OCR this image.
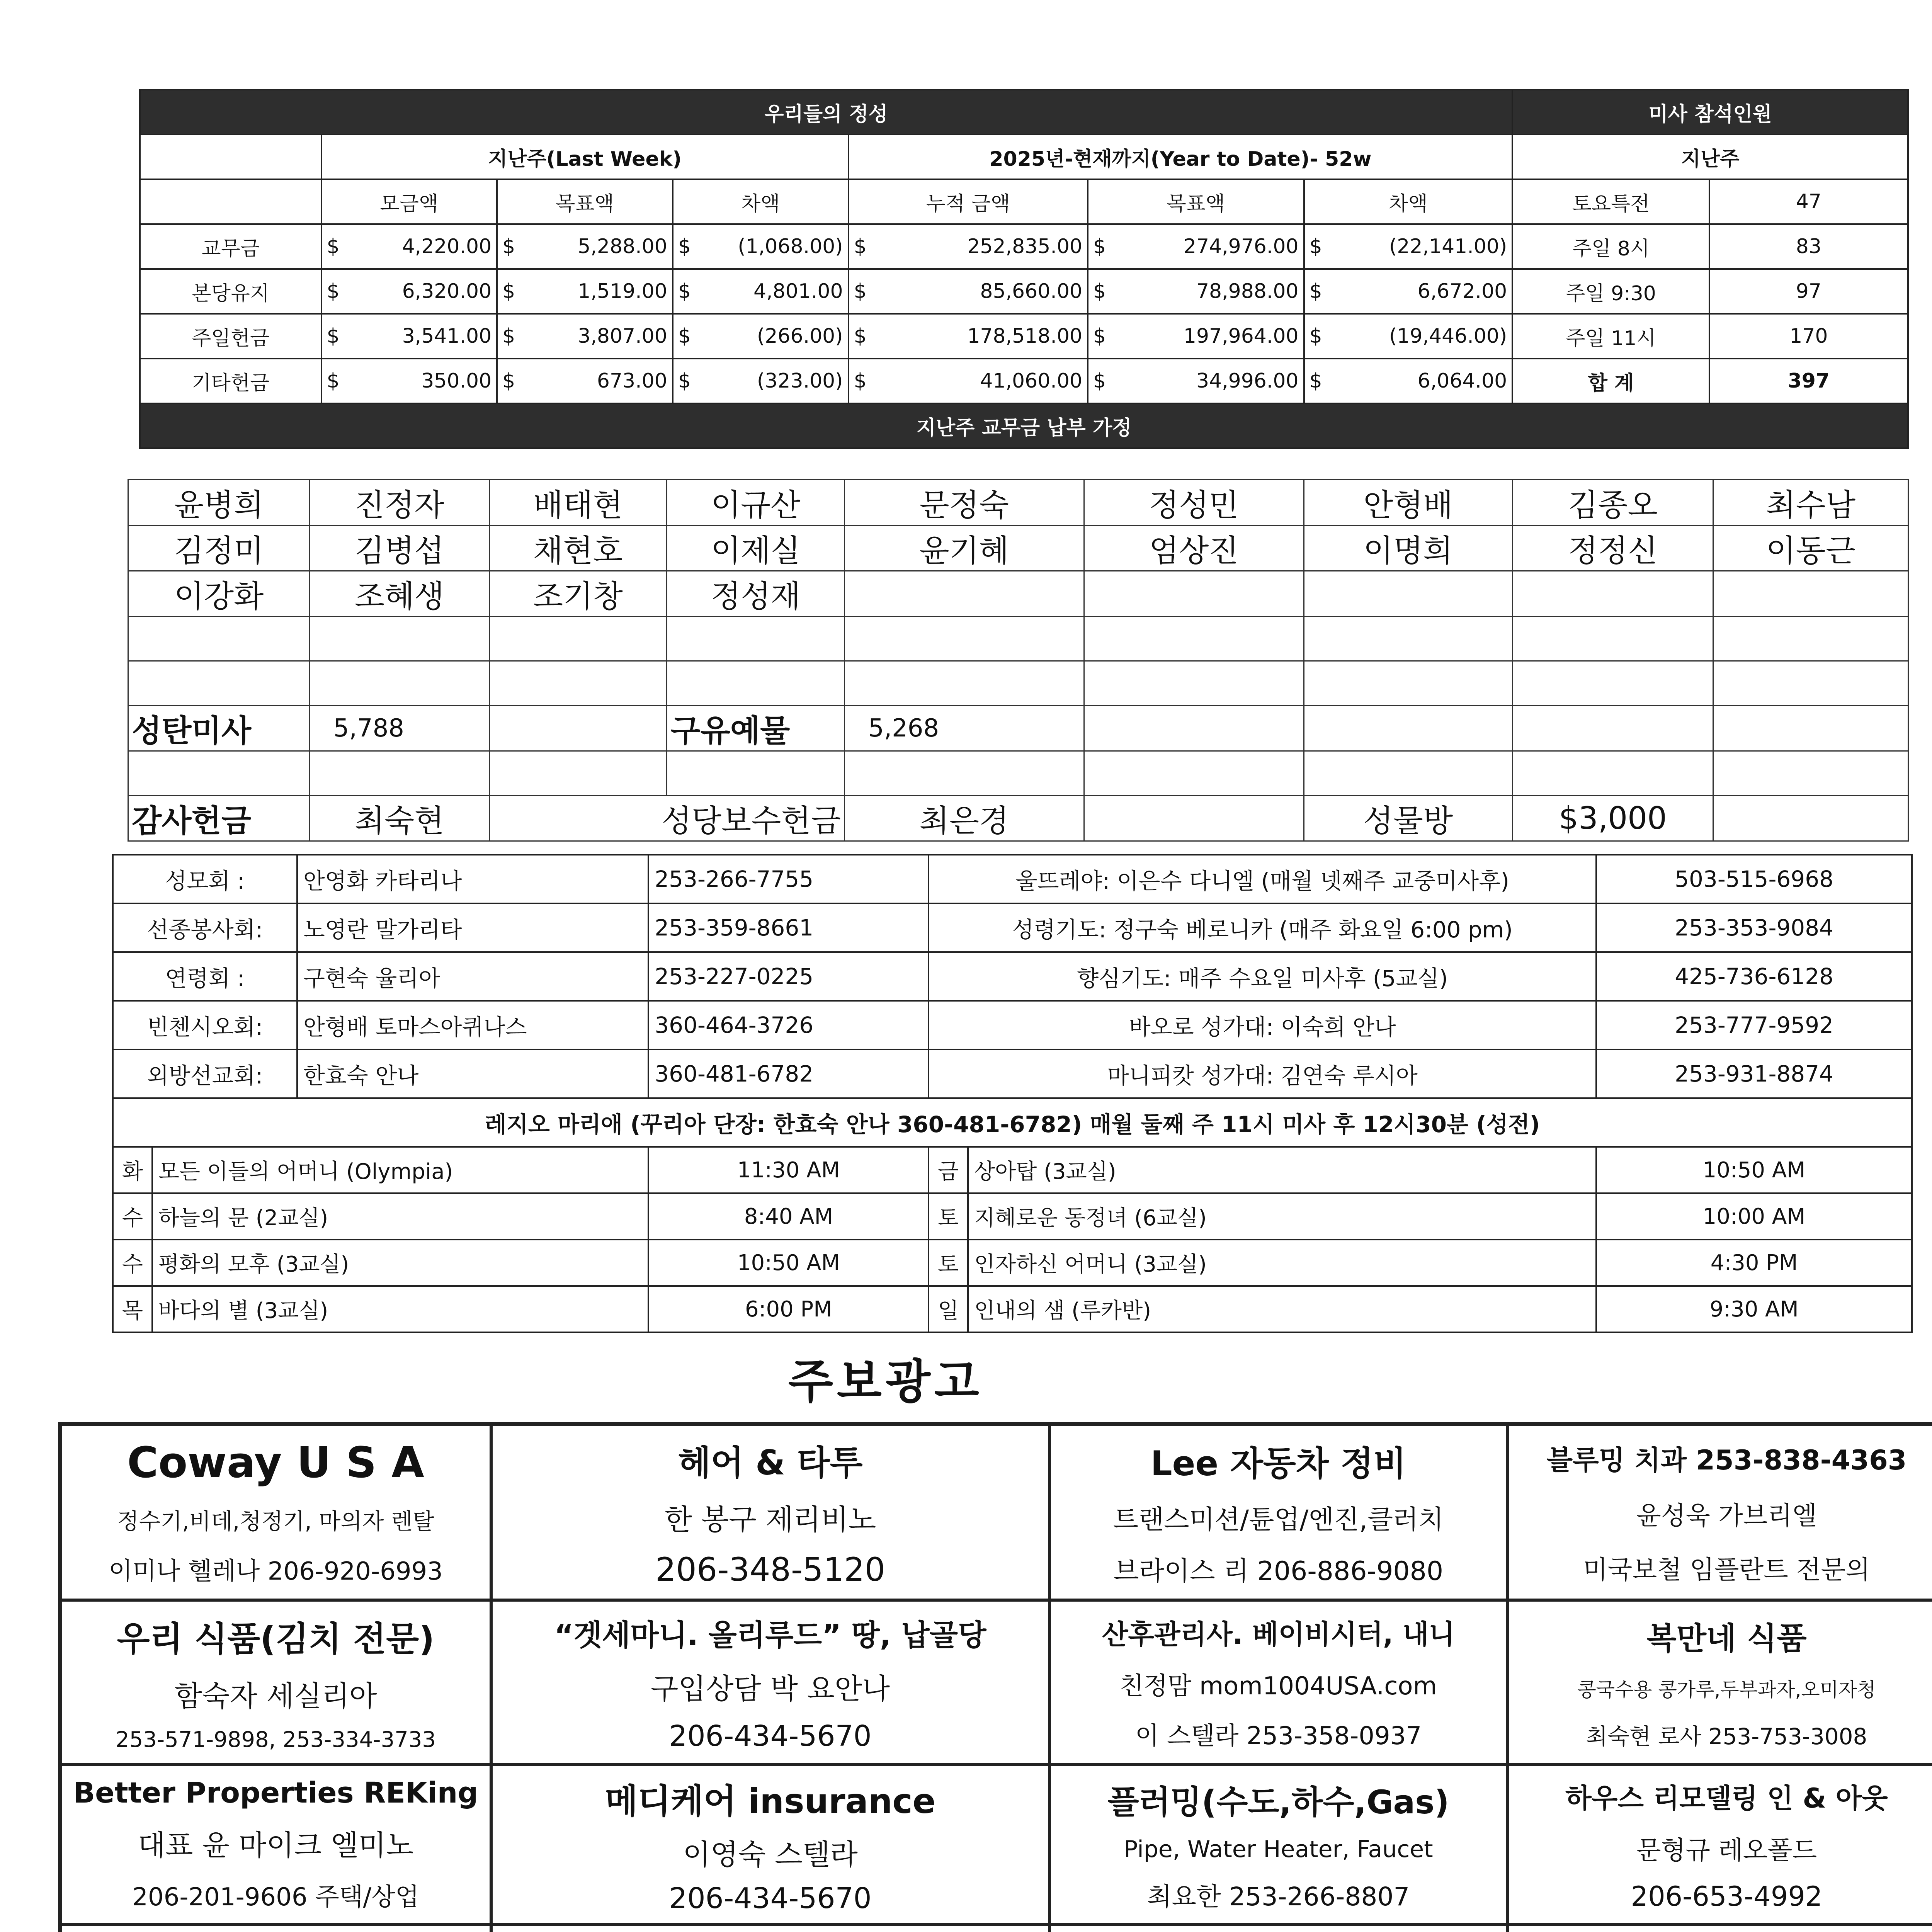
우리들의 정성							미사 참석인원	
	지난주(Last Week)			2025년-현재까지(Year to Date)- 52w			지난주	
	모금액	목표액	차액	누적 금액	목표액	차액	토요특전	47
교무금	$ 4,220.00	$ 5,288.00	$ (1,068.00)	$ 252,835.00	$ 274,976.00	$ (22,141.00)	주일 8시	83
본당유지	$ 6,320.00	$ 1,519.00	$ 4,801.00	$ 85,660.00	$ 78,988.00	$ 6,672.00	주일 9:30	97
주일헌금	$ 3,541.00	$ 3,807.00	$ (266.00)	$ 178,518.00	$ 197,964.00	$ (19,446.00)	주일 11시	170
기타헌금	$ 350.00	$ 673.00	$ (323.00)	$ 41,060.00	$ 34,996.00	$ 6,064.00	합 계	397
지난주 교무금 납부 가정								
윤병희	진정자	배태현	이규산	문정숙	정성민	안형배	김종오	최수남
김정미	김병섭	채현호	이제실	윤기혜	엄상진	이명희	정정신	이동근
이강화	조혜생	조기창	정성재					

성탄미사	5,788		구유예물	5,268				

감사헌금	최숙현	성당보수헌금		최은경		성물방	$3,000	
성모회 :		안영화 카타리나	253-266-7755	울뜨레야: 이은수 다니엘 (매월 넷째주 교중미사후)		503-515-6968
선종봉사회:		노영란 말가리타	253-359-8661	성령기도: 정구숙 베로니카 (매주 화요일 6:00 pm)		253-353-9084
연령회 :		구현숙 율리아	253-227-0225	향심기도: 매주 수요일 미사후 (5교실)		425-736-6128
빈첸시오회:		안형배 토마스아퀴나스	360-464-3726	바오로 성가대: 이숙희 안나		253-777-9592
외방선교회:		한효숙 안나	360-481-6782	마니피캇 성가대: 김연숙 루시아		253-931-8874
레지오 마리애 (꾸리아 단장: 한효숙 안나 360-481-6782) 매월 둘째 주 11시 미사 후 12시30분 (성전)						
화	모든 이들의 어머니 (Olympia)		11:30 AM	금	상아탑 (3교실)	10:50 AM
수	하늘의 문 (2교실)		8:40 AM	토	지혜로운 동정녀 (6교실)	10:00 AM
수	평화의 모후 (3교실)		10:50 AM	토	인자하신 어머니 (3교실)	4:30 PM
목	바다의 별 (3교실)		6:00 PM	일	인내의 샘 (루카반)	9:30 AM
주보광고
Coway U S A
정수기,비데,청정기, 마의자 렌탈
이미나 헬레나 206-920-6993
헤어 & 타투
한 봉구 제리비노
206-348-5120
Lee 자동차 정비
트랜스미션/튠업/엔진,클러치
브라이스 리 206-886-9080
블루밍 치과 253-838-4363
윤성욱 가브리엘
미국보철 임플란트 전문의
우리 식품(김치 전문)
함숙자 세실리아
253-571-9898, 253-334-3733
“겟세마니. 올리루드” 땅, 납골당
구입상담 박 요안나
206-434-5670
산후관리사. 베이비시터, 내니
친정맘 mom1004USA.com
이 스텔라 253-358-0937
복만네 식품
콩국수용 콩가루,두부과자,오미자청
최숙현 로사 253-753-3008
Better Properties REKing
대표 윤 마이크 엘미노
206-201-9606 주택/상업
메디케어 insurance
이영숙 스텔라
206-434-5670
플러밍(수도,하수,Gas)
Pipe, Water Heater, Faucet
최요한 253-266-8807
하우스 리모델링 인 & 아웃
문형규 레오폴드
206-653-4992
